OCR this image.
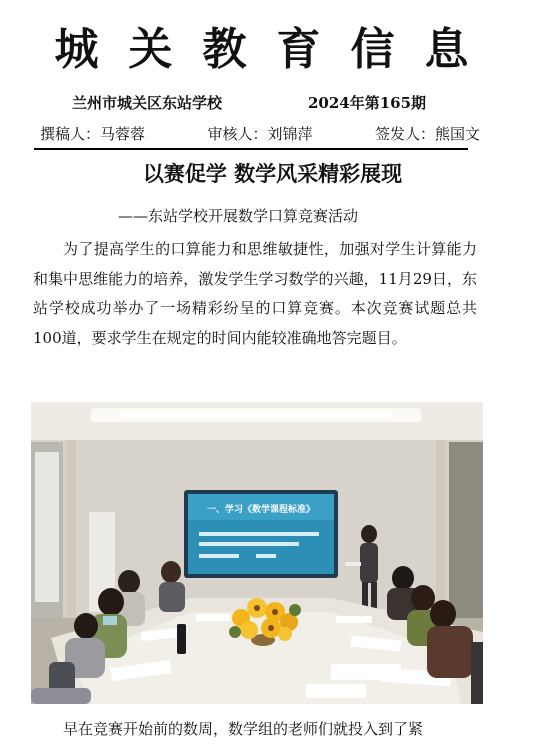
城关教育信息
兰州市城关区东站学校	2024年第165期
撰稿人：马蓉蓉	审核人：刘锦萍	签发人：熊国文
以赛促学 数学风采精彩展现
——东站学校开展数学口算竞赛活动

为了提高学生的口算能力和思维敏捷性，加强对学生计算能力和集中思维能力的培养，激发学生学习数学的兴趣，11月29日，东站学校成功举办了一场精彩纷呈的口算竞赛。本次竞赛试题总共100道，要求学生在规定的时间内能较准确地答完题目。

一、学习《数学课程标准》

早在竞赛开始前的数周，数学组的老师们就投入到了紧
